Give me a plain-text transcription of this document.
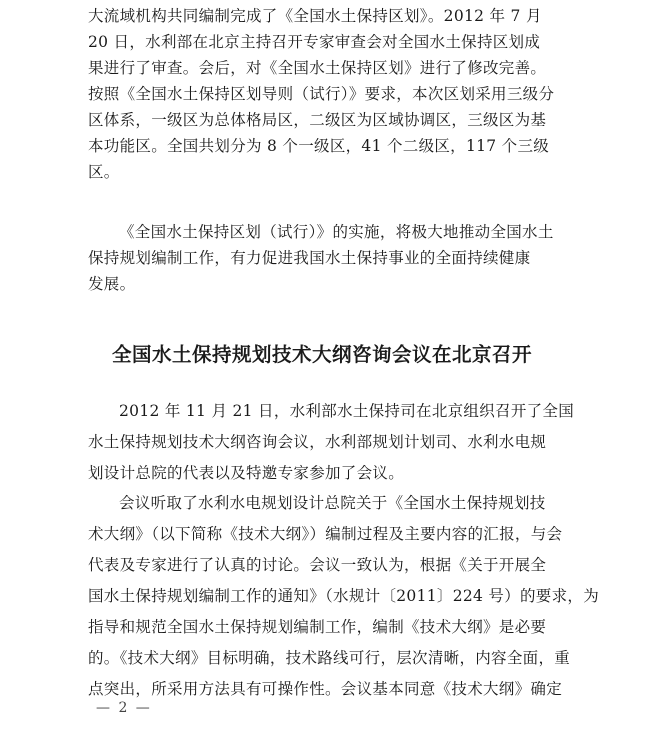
大流域机构共同编制完成了《全国水土保持区划》。2012 年 7 月
20 日，水利部在北京主持召开专家审查会对全国水土保持区划成
果进行了审查。会后，对《全国水土保持区划》进行了修改完善。
按照《全国水土保持区划导则（试行）》要求，本次区划采用三级分
区体系，一级区为总体格局区，二级区为区域协调区，三级区为基
本功能区。全国共划分为 8 个一级区，41 个二级区，117 个三级
区。
《全国水土保持区划（试行）》的实施，将极大地推动全国水土
保持规划编制工作，有力促进我国水土保持事业的全面持续健康
发展。
全国水土保持规划技术大纲咨询会议在北京召开
2012 年 11 月 21 日，水利部水土保持司在北京组织召开了全国
水土保持规划技术大纲咨询会议，水利部规划计划司、水利水电规
划设计总院的代表以及特邀专家参加了会议。
会议听取了水利水电规划设计总院关于《全国水土保持规划技
术大纲》（以下简称《技术大纲》）编制过程及主要内容的汇报，与会
代表及专家进行了认真的讨论。会议一致认为，根据《关于开展全
国水土保持规划编制工作的通知》（水规计〔2011〕224 号）的要求，为
指导和规范全国水土保持规划编制工作，编制《技术大纲》是必要
的。《技术大纲》目标明确，技术路线可行，层次清晰，内容全面，重
点突出，所采用方法具有可操作性。会议基本同意《技术大纲》确定
— 2 —
